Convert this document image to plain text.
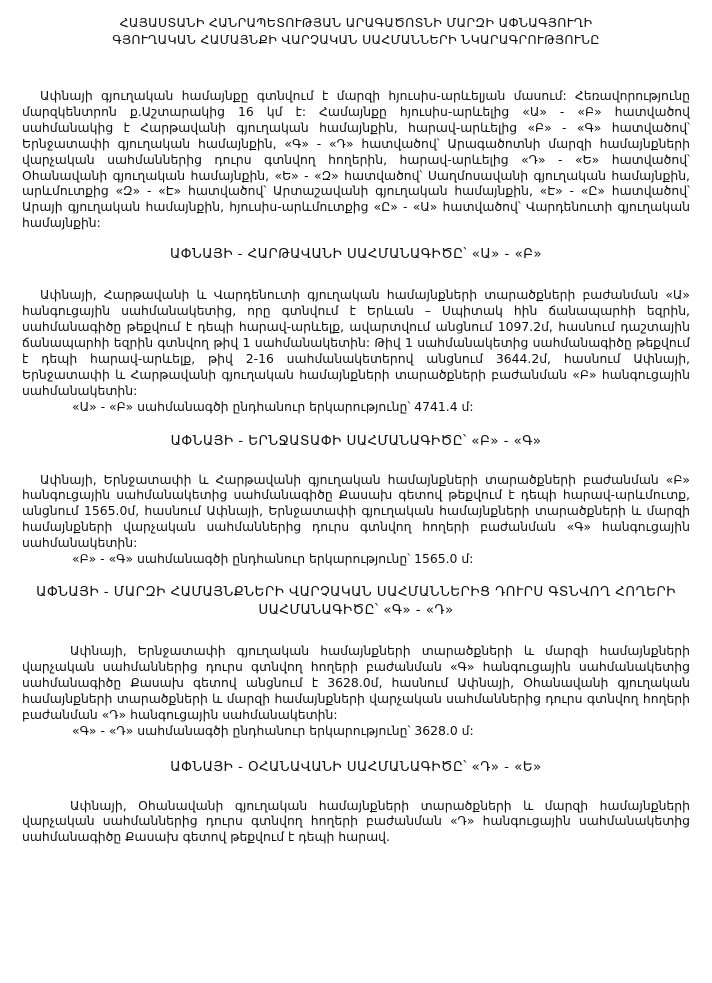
ՀԱՅԱՍՏԱՆԻ ՀԱՆՐԱՊԵՏՈՒԹՅԱՆ ԱՐԱԳԱԾՈՏՆԻ ՄԱՐԶԻ ԱՓՆԱԳՅՈՒՂԻ
ԳՅՈՒՂԱԿԱՆ ՀԱՄԱՅՆՔԻ ՎԱՐՉԱԿԱՆ ՍԱՀՄԱՆՆԵՐԻ ՆԿԱՐԱԳՐՈՒԹՅՈՒՆԸ

Ափնայի գյուղական համայնքը գտնվում է մարզի հյուսիս-արևելյան մասում: Հեռավորությունը մարզկենտրոն ք.Աշտարակից 16 կմ է: Համայնքը հյուսիս-արևելից «Ա» - «Բ» հատվածով սահմանակից է Հարթավանի գյուղական համայնքին, հարավ-արևելից «Բ» - «Գ» հատվածով՝ Երնջատափի գյուղական համայնքին, «Գ» - «Դ» հատվածով՝ Արագածոտնի մարզի համայնքների վարչական սահմաններից դուրս գտնվող հողերին, հարավ-արևելից «Դ» - «Ե» հատվածով՝ Օհանավանի գյուղական համայնքին, «Ե» - «Զ» հատվածով՝ Սաղմոսավանի գյուղական համայնքին, արևմուտքից «Զ» - «Է» հատվածով՝ Արտաշավանի գյուղական համայնքին, «Է» - «Ը» հատվածով՝ Արայի գյուղական համայնքին, հյուսիս-արևմուտքից «Ը» - «Ա» հատվածով՝ Վարդենուտի գյուղական համայնքին:

ԱՓՆԱՅԻ - ՀԱՐԹԱՎԱՆԻ ՍԱՀՄԱՆԱԳԻԾԸ՝ «Ա» - «Բ»

Ափնայի, Հարթավանի և Վարդենուտի գյուղական համայնքների տարածքների բաժանման «Ա» հանգուցային սահմանակետից, որը գտնվում է Երևան – Սպիտակ հին ճանապարհի եզրին, սահմանագիծը թեքվում է դեպի հարավ-արևելք, ավարտվում անցնում 1097.2մ, հասնում դաշտային ճանապարհի եզրին գտնվող թիվ 1 սահմանակետին: Թիվ 1 սահմանակետից սահմանագիծը թեքվում է դեպի հարավ-արևելք, թիվ 2-16 սահմանակետերով անցնում 3644.2մ, հասնում Ափնայի, Երնջատափի և Հարթավանի գյուղական համայնքների տարածքների բաժանման «Բ» հանգուցային սահմանակետին:

«Ա» - «Բ» սահմանագծի ընդհանուր երկարությունը՝ 4741.4 մ:

ԱՓՆԱՅԻ - ԵՐՆՋԱՏԱՓԻ ՍԱՀՄԱՆԱԳԻԾԸ՝ «Բ» - «Գ»

Ափնայի, Երնջատափի և Հարթավանի գյուղական համայնքների տարածքների բաժանման «Բ» հանգուցային սահմանակետից սահմանագիծը Քասախ գետով թեքվում է դեպի հարավ-արևմուտք, անցնում 1565.0մ, հասնում Ափնայի, Երնջատափի գյուղական համայնքների տարածքների և մարզի համայնքների վարչական սահմաններից դուրս գտնվող հողերի բաժանման «Գ» հանգուցային սահմանակետին:

«Բ» - «Գ» սահմանագծի ընդհանուր երկարությունը՝ 1565.0 մ:

ԱՓՆԱՅԻ - ՄԱՐԶԻ ՀԱՄԱՅՆՔՆԵՐԻ ՎԱՐՉԱԿԱՆ ՍԱՀՄԱՆՆԵՐԻՑ ԴՈՒՐՍ ԳՏՆՎՈՂ ՀՈՂԵՐԻ ՍԱՀՄԱՆԱԳԻԾԸ՝ «Գ» - «Դ»

Ափնայի, Երնջատափի գյուղական համայնքների տարածքների և մարզի համայնքների վարչական սահմաններից դուրս գտնվող հողերի բաժանման «Գ» հանգուցային սահմանակետից սահմանագիծը Քասախ գետով անցնում է 3628.0մ, հասնում Ափնայի, Օհանավանի գյուղական համայնքների տարածքների և մարզի համայնքների վարչական սահմաններից դուրս գտնվող հողերի բաժանման «Դ» հանգուցային սահմանակետին:

«Գ» - «Դ» սահմանագծի ընդհանուր երկարությունը՝ 3628.0 մ:

ԱՓՆԱՅԻ - ՕՀԱՆԱՎԱՆԻ ՍԱՀՄԱՆԱԳԻԾԸ՝ «Դ» - «Ե»

Ափնայի, Օհանավանի գյուղական համայնքների տարածքների և մարզի համայնքների վարչական սահմաններից դուրս գտնվող հողերի բաժանման «Դ» հանգուցային սահմանակետից սահմանագիծը Քասախ գետով թեքվում է դեպի հարավ.
